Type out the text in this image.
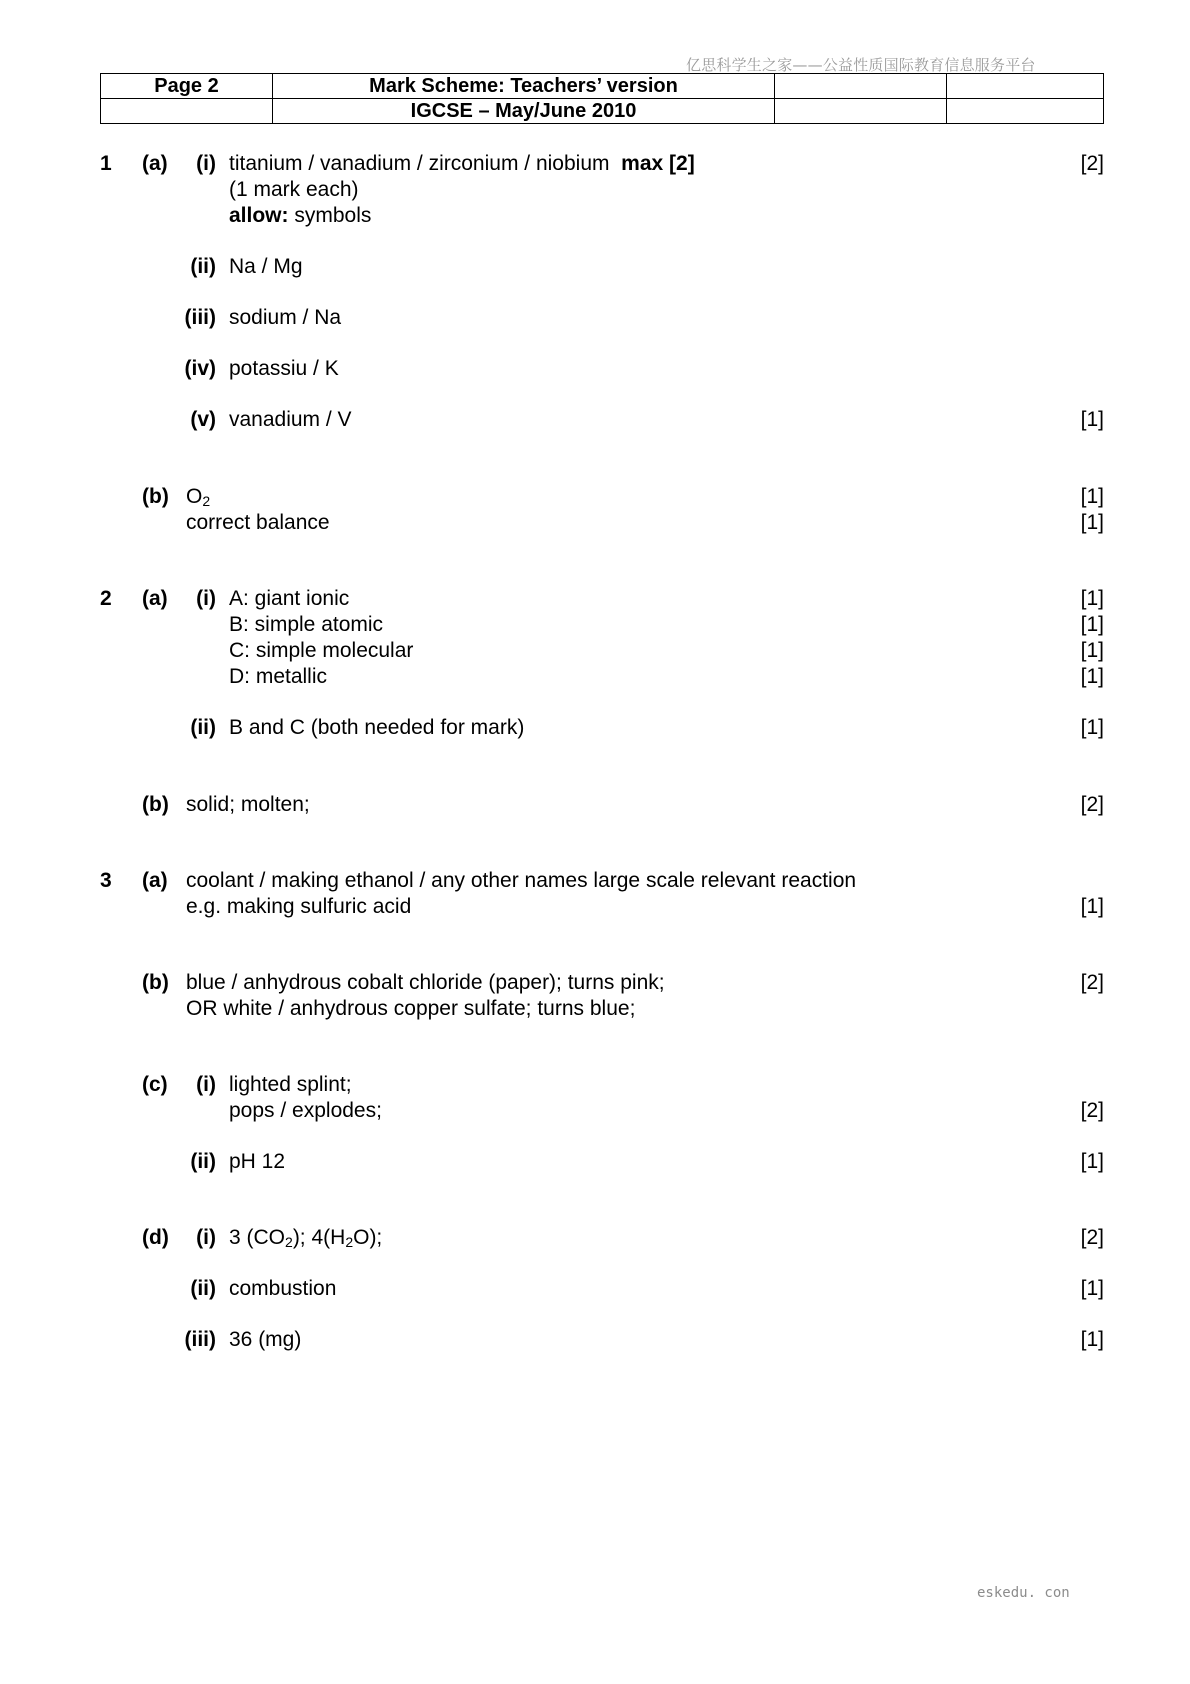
亿思科学生之家——公益性质国际教育信息服务平台
Page 2	Mark Scheme: Teachers’ version		
	IGCSE – May/June 2010		
1 (a)	(i) titanium / vanadium / zirconium / niobium max [2]	[2]
(1 mark each)
allow: symbols
(ii) Na / Mg
(iii) sodium / Na
(iv) potassiu / K
(v) vanadium / V	[1]
(b) $O_2$	[1]
correct balance	[1]
2 (a)	(i) A: giant ionic	[1]
B: simple atomic	[1]
C: simple molecular	[1]
D: metallic	[1]
(ii) B and C (both needed for mark)	[1]
(b) solid; molten;	[2]
3 (a) coolant / making ethanol / any other names large scale relevant reaction
e.g. making sulfuric acid	[1]
(b) blue / anhydrous cobalt chloride (paper); turns pink;	[2]
OR white / anhydrous copper sulfate; turns blue;
(c)	(i) lighted splint;
pops / explodes;	[2]
(ii) pH 12	[1]
(d)	(i) 3 $(CO_2)$; $4(H_2O)$;	[2]
(ii) combustion	[1]
(iii) 36 (mg)	[1]
eskedu. con
